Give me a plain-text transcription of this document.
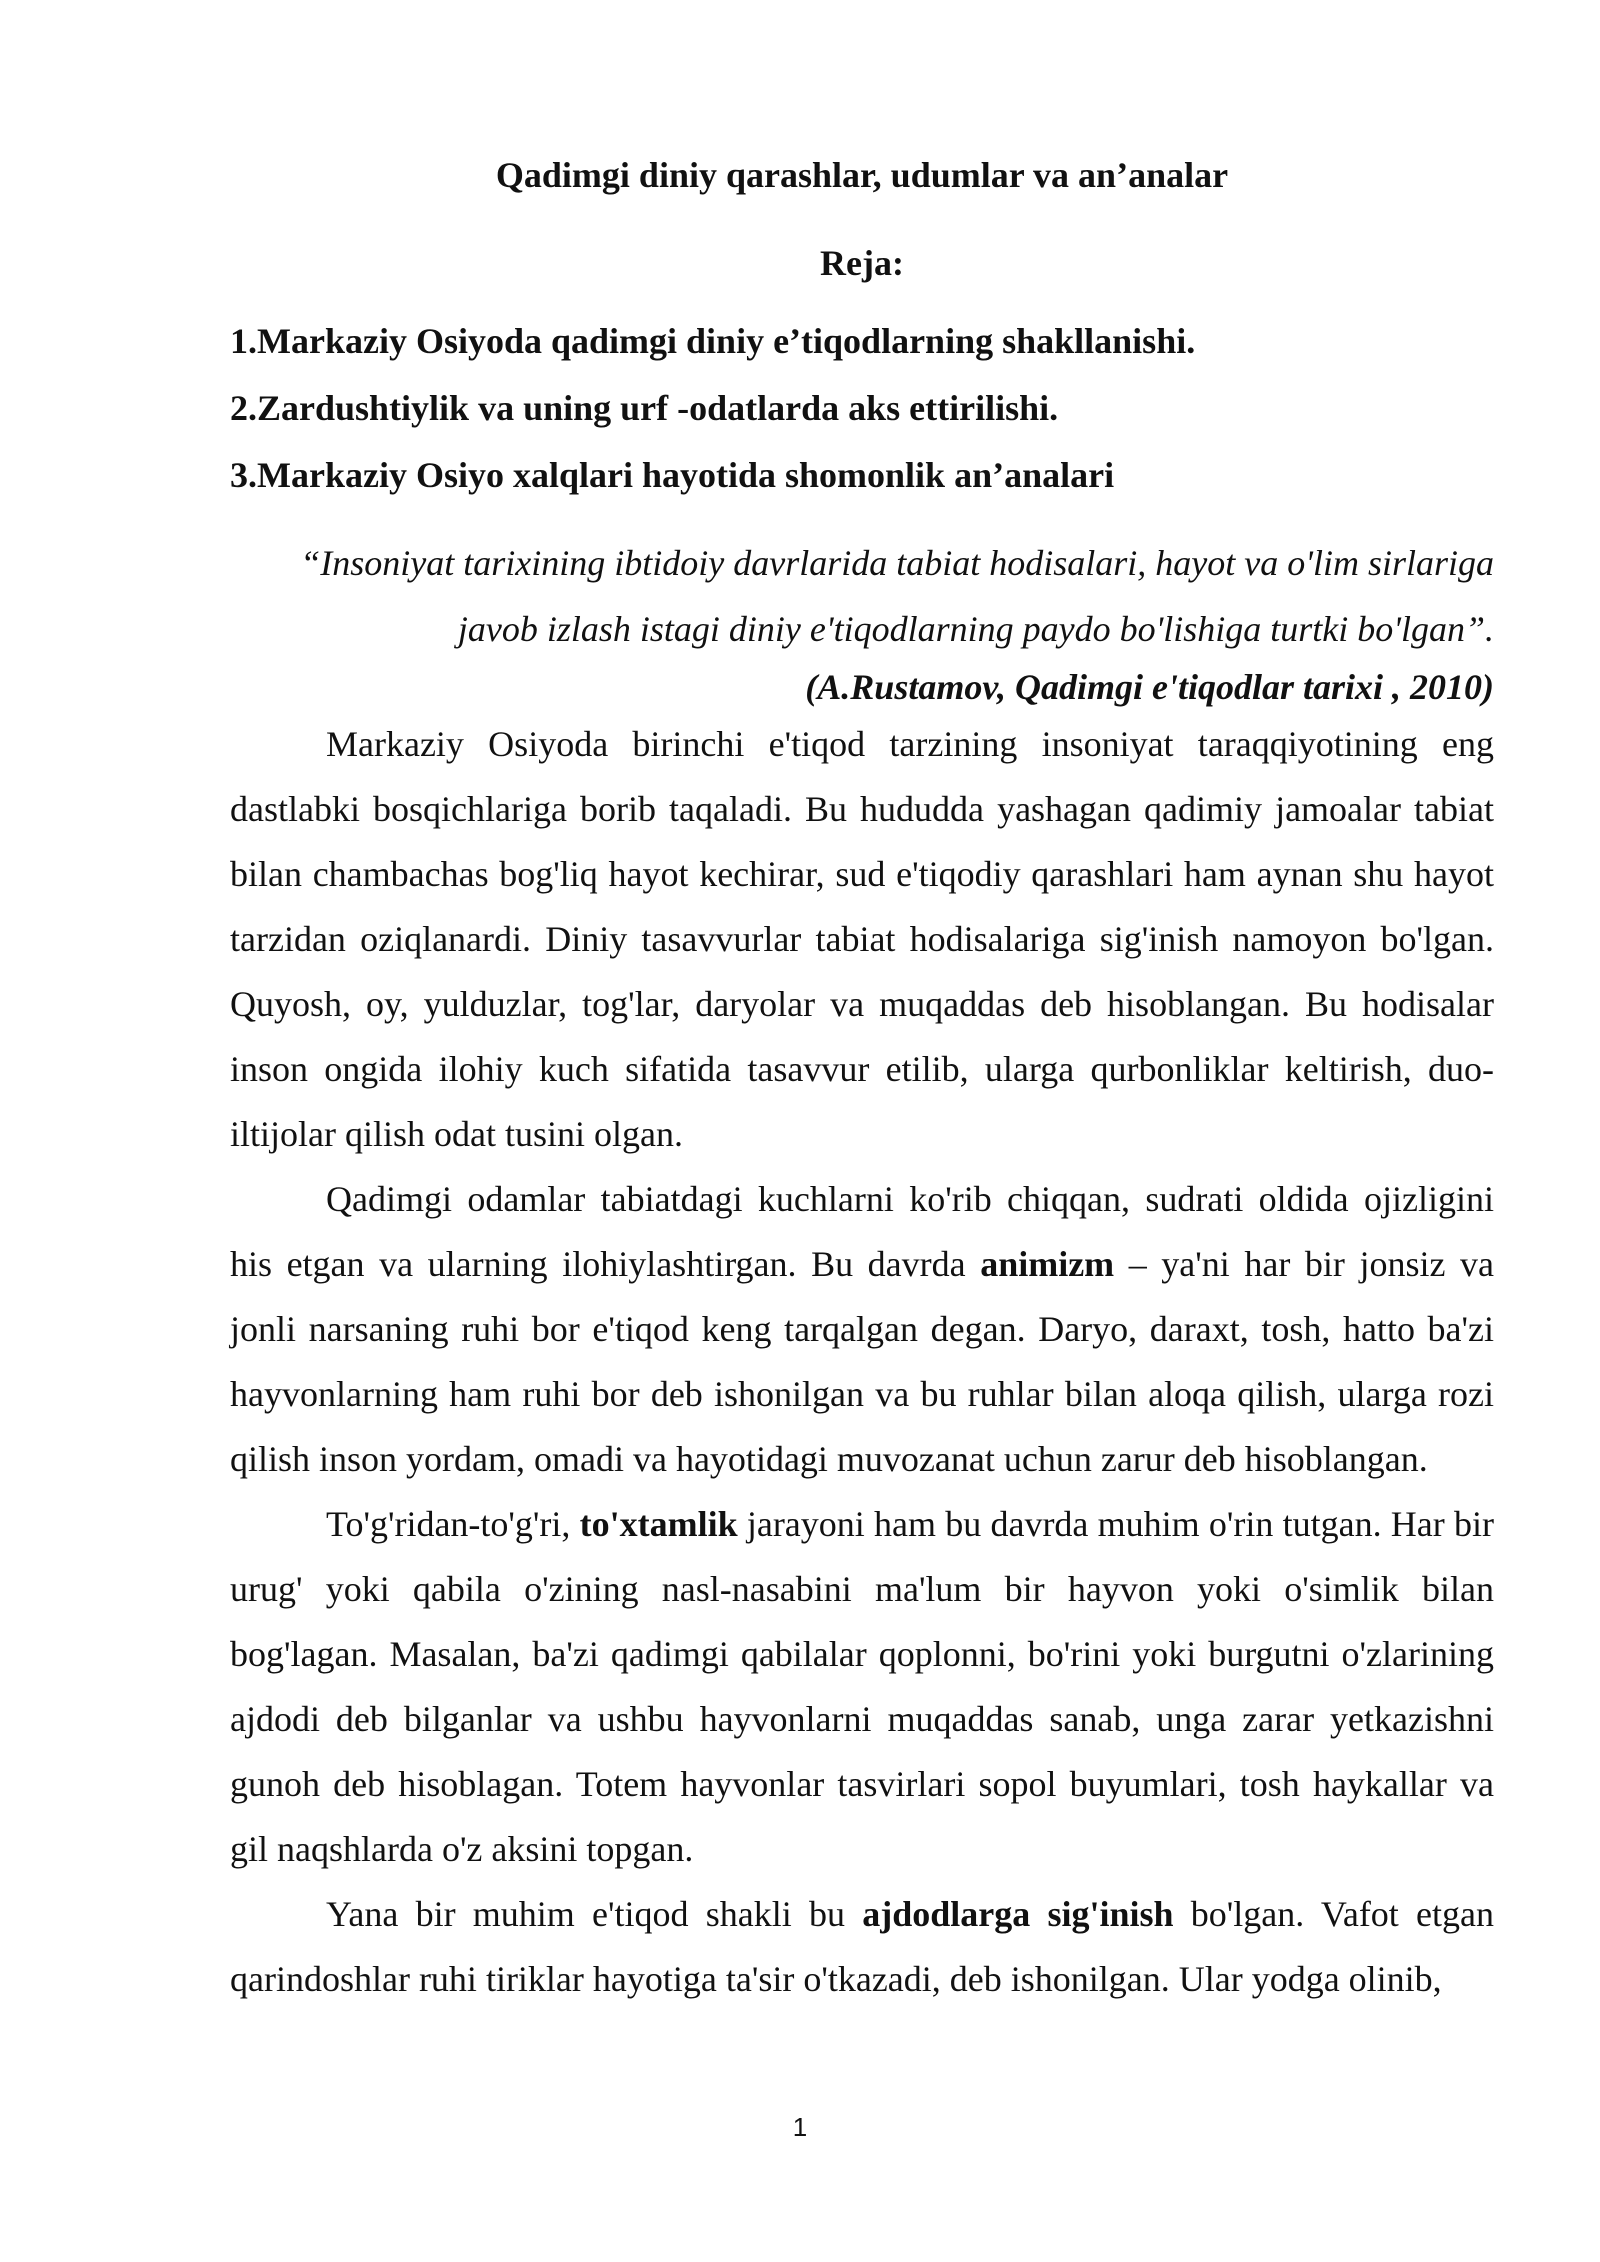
Qadimgi diniy qarashlar, udumlar va an’analar
Reja:
1.Markaziy Osiyoda qadimgi diniy e’tiqodlarning shakllanishi.
2.Zardushtiylik va uning urf -odatlarda aks ettirilishi.
3.Markaziy Osiyo xalqlari hayotida shomonlik an’analari
“Insoniyat tarixining ibtidoiy davrlarida tabiat hodisalari, hayot va o'lim sirlariga javob izlash istagi diniy e'tiqodlarning paydo bo'lishiga turtki bo'lgan”.
(A.Rustamov, Qadimgi e'tiqodlar tarixi , 2010)

Markaziy Osiyoda birinchi e'tiqod tarzining insoniyat taraqqiyotining eng dastlabki bosqichlariga borib taqaladi. Bu hududda yashagan qadimiy jamoalar tabiat bilan chambachas bog'liq hayot kechirar, sud e'tiqodiy qarashlari ham aynan shu hayot tarzidan oziqlanardi. Diniy tasavvurlar tabiat hodisalariga sig'inish namoyon bo'lgan. Quyosh, oy, yulduzlar, tog'lar, daryolar va muqaddas deb hisoblangan. Bu hodisalar inson ongida ilohiy kuch sifatida tasavvur etilib, ularga qurbonliklar keltirish, duo-iltijolar qilish odat tusini olgan.

Qadimgi odamlar tabiatdagi kuchlarni ko'rib chiqqan, sudrati oldida ojizligini his etgan va ularning ilohiylashtirgan. Bu davrda animizm – ya'ni har bir jonsiz va jonli narsaning ruhi bor e'tiqod keng tarqalgan degan. Daryo, daraxt, tosh, hatto ba'zi hayvonlarning ham ruhi bor deb ishonilgan va bu ruhlar bilan aloqa qilish, ularga rozi qilish inson yordam, omadi va hayotidagi muvozanat uchun zarur deb hisoblangan.

To'g'ridan-to'g'ri, to'xtamlik jarayoni ham bu davrda muhim o'rin tutgan. Har bir urug' yoki qabila o'zining nasl-nasabini ma'lum bir hayvon yoki o'simlik bilan bog'lagan. Masalan, ba'zi qadimgi qabilalar qoplonni, bo'rini yoki burgutni o'zlarining ajdodi deb bilganlar va ushbu hayvonlarni muqaddas sanab, unga zarar yetkazishni gunoh deb hisoblagan. Totem hayvonlar tasvirlari sopol buyumlari, tosh haykallar va gil naqshlarda o'z aksini topgan.

Yana bir muhim e'tiqod shakli bu ajdodlarga sig'inish bo'lgan. Vafot etgan qarindoshlar ruhi tiriklar hayotiga ta'sir o'tkazadi, deb ishonilgan. Ular yodga olinib,

1
